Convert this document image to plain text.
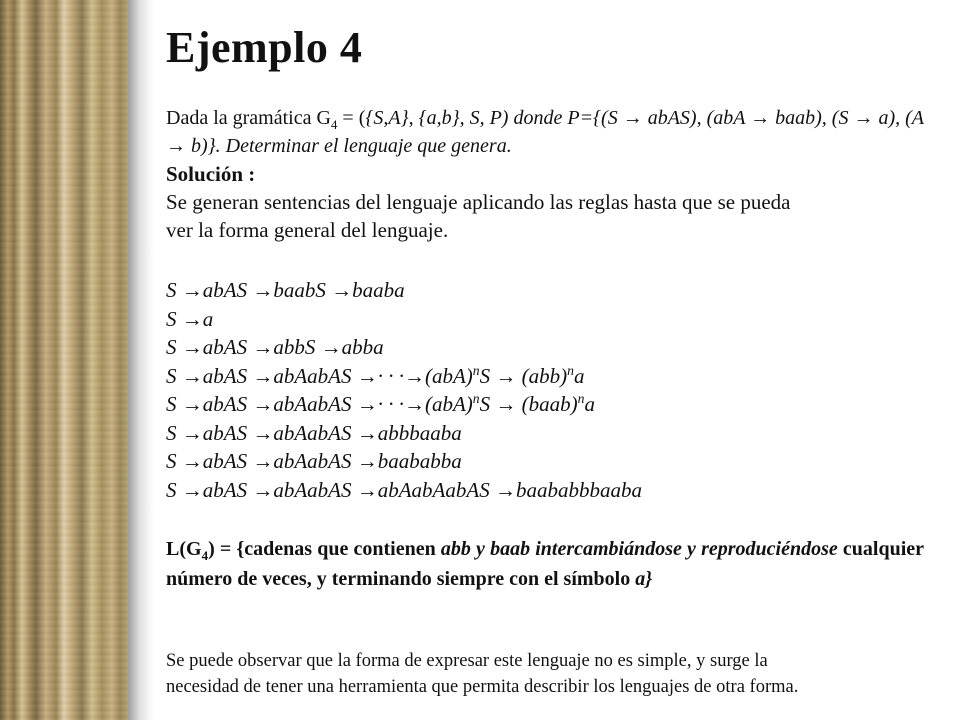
Ejemplo 4

Dada la gramática $G_4 = (\{S,A\}$, {a,b}, S, P) donde P={(S → abAS), (abA → baab), (S → a), (A → b)}. Determinar el lenguaje que genera.

Solución :

Se generan sentencias del lenguaje aplicando las reglas hasta que se pueda
ver la forma general del lenguaje.

S →abAS →baabS →baaba
S →a
S →abAS →abbS →abba
S →abAS →abAabAS →· · ·→(abA)$^n$S → (abb)$^n$a
S →abAS →abAabAS →· · ·→(abA)$^n$S → (baab)$^n$a
S →abAS →abAabAS →abbbaaba
S →abAS →abAabAS →baababba
S →abAS →abAabAS →abAabAabAS →baababbbaaba

$L(G_4)$ = {cadenas que contienen abb y baab intercambiándose y reproduciéndose cualquier número de veces, y terminando siempre con el símbolo a}

Se puede observar que la forma de expresar este lenguaje no es simple, y surge la
necesidad de tener una herramienta que permita describir los lenguajes de otra forma.
